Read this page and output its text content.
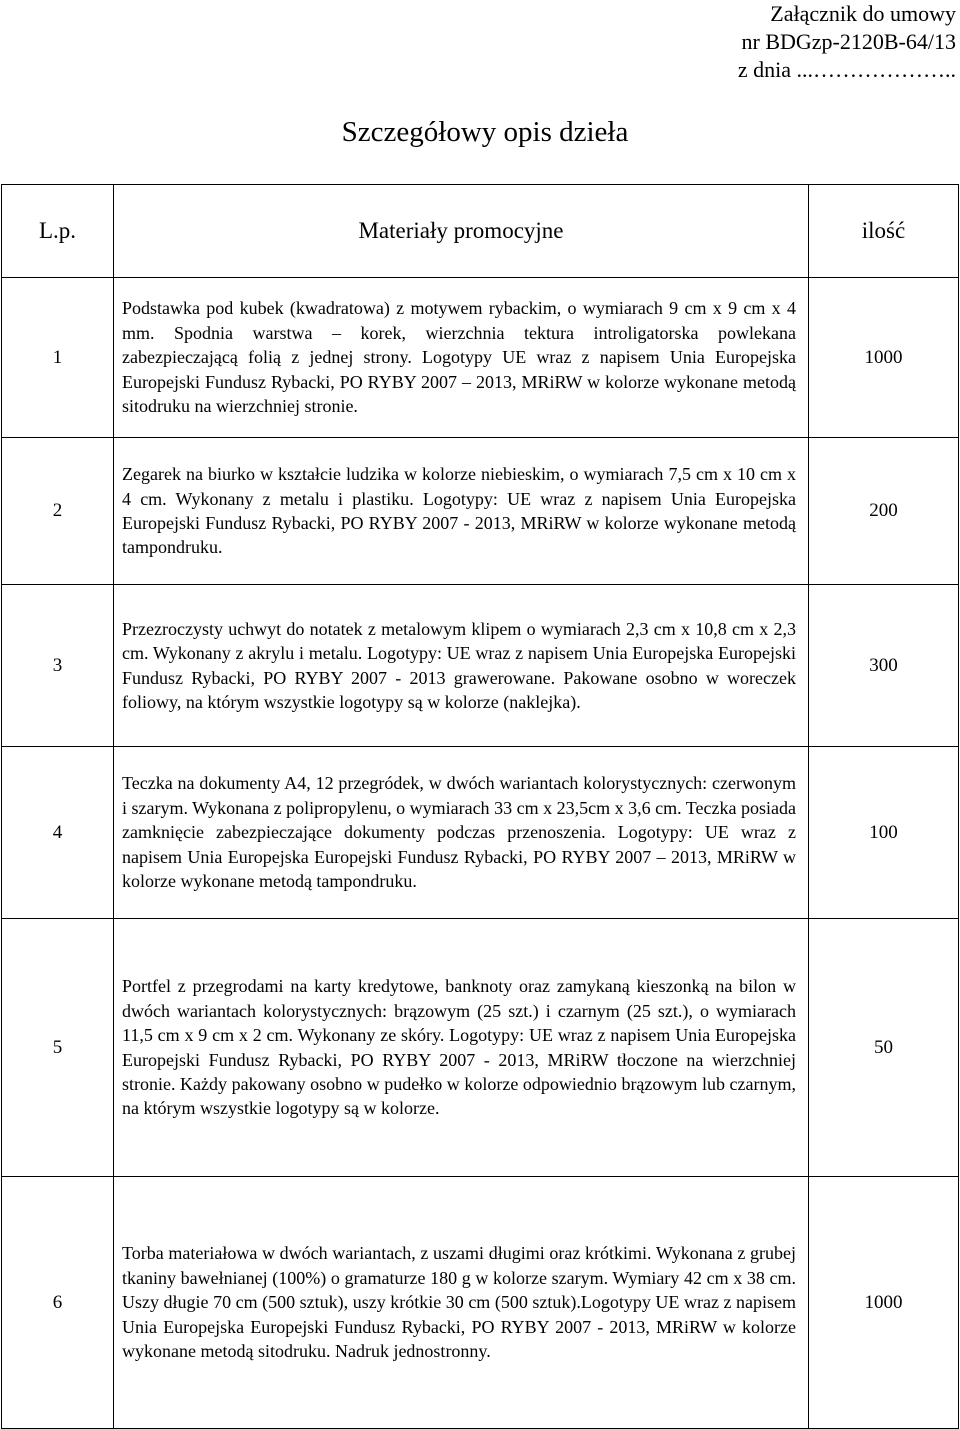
Załącznik do umowy
nr BDGzp-2120B-64/13
z dnia ...………………..
Szczegółowy opis dzieła
L.p.	Materiały promocyjne	ilość
1	Podstawka pod kubek (kwadratowa) z motywem rybackim, o wymiarach 9 cm x 9 cm x 4 mm. Spodnia warstwa – korek, wierzchnia tektura introligatorska powlekana zabezpieczającą folią z jednej strony. Logotypy UE wraz z napisem Unia Europejska Europejski Fundusz Rybacki, PO RYBY 2007 – 2013, MRiRW w kolorze wykonane metodą sitodruku na wierzchniej stronie.	1000
2	Zegarek na biurko w kształcie ludzika w kolorze niebieskim, o wymiarach 7,5 cm x 10 cm x 4 cm. Wykonany z metalu i plastiku. Logotypy: UE wraz z napisem Unia Europejska Europejski Fundusz Rybacki, PO RYBY 2007 - 2013, MRiRW w kolorze wykonane metodą tampondruku.	200
3	Przezroczysty uchwyt do notatek z metalowym klipem o wymiarach 2,3 cm x 10,8 cm x 2,3 cm. Wykonany z akrylu i metalu. Logotypy: UE wraz z napisem Unia Europejska Europejski Fundusz Rybacki, PO RYBY 2007 - 2013 grawerowane. Pakowane osobno w woreczek foliowy, na którym wszystkie logotypy są w kolorze (naklejka).	300
4	Teczka na dokumenty A4, 12 przegródek, w dwóch wariantach kolorystycznych: czerwonym i szarym. Wykonana z polipropylenu, o wymiarach 33 cm x 23,5cm x 3,6 cm. Teczka posiada zamknięcie zabezpieczające dokumenty podczas przenoszenia. Logotypy: UE wraz z napisem Unia Europejska Europejski Fundusz Rybacki, PO RYBY 2007 – 2013, MRiRW w kolorze wykonane metodą tampondruku.	100
5	Portfel z przegrodami na karty kredytowe, banknoty oraz zamykaną kieszonką na bilon w dwóch wariantach kolorystycznych: brązowym (25 szt.) i czarnym (25 szt.), o wymiarach 11,5 cm x 9 cm x 2 cm. Wykonany ze skóry. Logotypy: UE wraz z napisem Unia Europejska Europejski Fundusz Rybacki, PO RYBY 2007 - 2013, MRiRW tłoczone na wierzchniej stronie. Każdy pakowany osobno w pudełko w kolorze odpowiednio brązowym lub czarnym, na którym wszystkie logotypy są w kolorze.	50
6	Torba materiałowa w dwóch wariantach, z uszami długimi oraz krótkimi. Wykonana z grubej tkaniny bawełnianej (100%) o gramaturze 180 g w kolorze szarym. Wymiary 42 cm x 38 cm. Uszy długie 70 cm (500 sztuk), uszy krótkie 30 cm (500 sztuk).Logotypy UE wraz z napisem Unia Europejska Europejski Fundusz Rybacki, PO RYBY 2007 - 2013, MRiRW w kolorze wykonane metodą sitodruku. Nadruk jednostronny.	1000
